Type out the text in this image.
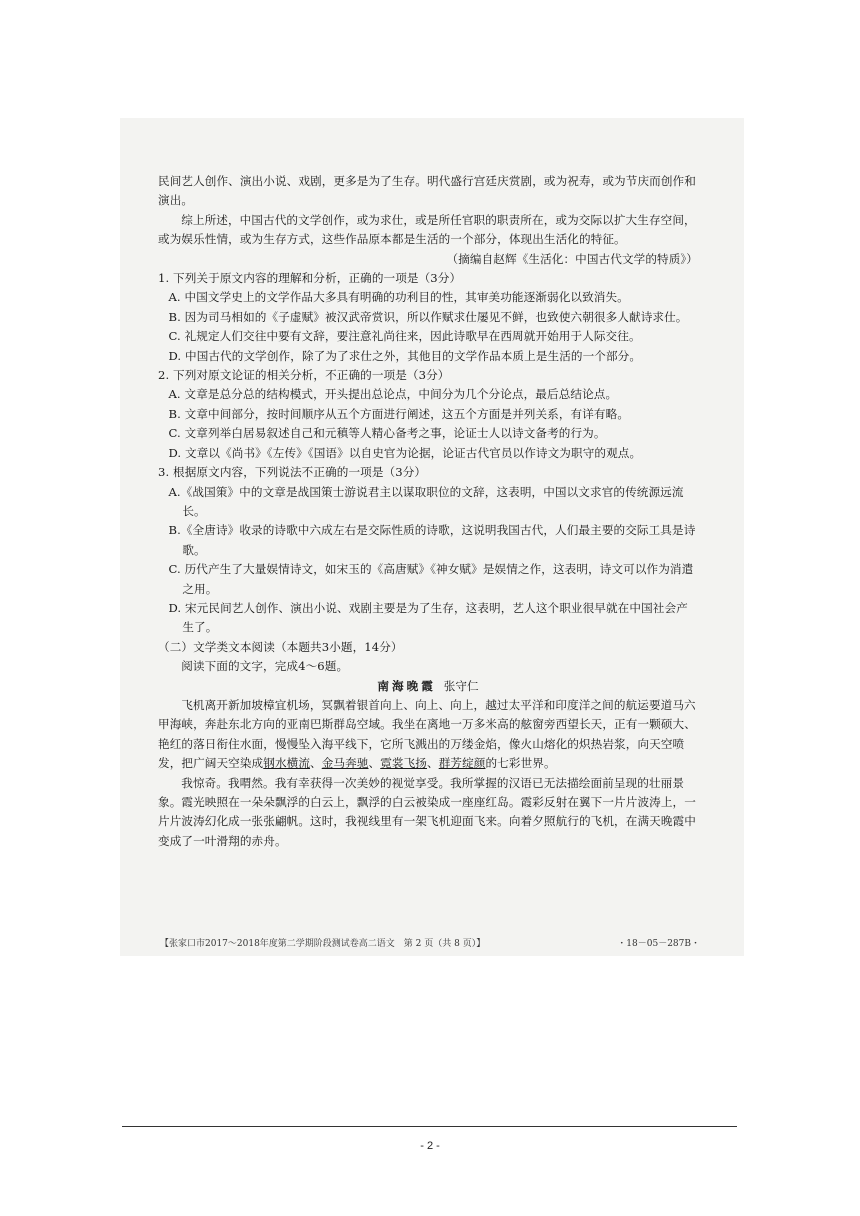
民间艺人创作、演出小说、戏剧，更多是为了生存。明代盛行宫廷庆赏剧，或为祝寿，或为节庆而创作和演出。

综上所述，中国古代的文学创作，或为求仕，或是所任官职的职责所在，或为交际以扩大生存空间，或为娱乐性情，或为生存方式，这些作品原本都是生活的一个部分，体现出生活化的特征。

（摘编自赵辉《生活化：中国古代文学的特质》）

1. 下列关于原文内容的理解和分析，正确的一项是（3分）

A. 中国文学史上的文学作品大多具有明确的功利目的性，其审美功能逐渐弱化以致消失。

B. 因为司马相如的《子虚赋》被汉武帝赏识，所以作赋求仕屡见不鲜，也致使六朝很多人献诗求仕。

C. 礼规定人们交往中要有文辞，要注意礼尚往来，因此诗歌早在西周就开始用于人际交往。

D. 中国古代的文学创作，除了为了求仕之外，其他目的文学作品本质上是生活的一个部分。

2. 下列对原文论证的相关分析，不正确的一项是（3分）

A. 文章是总分总的结构模式，开头提出总论点，中间分为几个分论点，最后总结论点。

B. 文章中间部分，按时间顺序从五个方面进行阐述，这五个方面是并列关系，有详有略。

C. 文章列举白居易叙述自己和元稹等人精心备考之事，论证士人以诗文备考的行为。

D. 文章以《尚书》《左传》《国语》以自史官为论据，论证古代官员以作诗文为职守的观点。

3. 根据原文内容，下列说法不正确的一项是（3分）

A.《战国策》中的文章是战国策士游说君主以谋取职位的文辞，这表明，中国以文求官的传统源远流长。

B.《全唐诗》收录的诗歌中六成左右是交际性质的诗歌，这说明我国古代，人们最主要的交际工具是诗歌。

C. 历代产生了大量娱情诗文，如宋玉的《高唐赋》《神女赋》是娱情之作，这表明，诗文可以作为消遣之用。

D. 宋元民间艺人创作、演出小说、戏剧主要是为了生存，这表明，艺人这个职业很早就在中国社会产生了。

（二）文学类文本阅读（本题共3小题，14分）

阅读下面的文字，完成4～6题。

南海晚霞 张守仁

飞机离开新加坡樟宜机场，冥飘着银首向上、向上、向上，越过太平洋和印度洋之间的航运要道马六甲海峡，奔赴东北方向的亚南巴斯群岛空域。我坐在离地一万多米高的舷窗旁西望长天，正有一颗硕大、艳红的落日衔住水面，慢慢坠入海平线下，它所飞溅出的万缕金焰，像火山熔化的炽热岩浆，向天空喷发，把广阔天空染成钢水横流、金马奔驰、霓裳飞扬、群芳绽颜的七彩世界。

我惊奇。我喟然。我有幸获得一次美妙的视觉享受。我所掌握的汉语已无法描绘面前呈现的壮丽景象。霞光映照在一朵朵飘浮的白云上，飘浮的白云被染成一座座红岛。霞彩反射在翼下一片片波涛上，一片片波涛幻化成一张张翩帆。这时，我视线里有一架飞机迎面飞来。向着夕照航行的飞机，在满天晚霞中变成了一叶滑翔的赤舟。

【张家口市2017～2018年度第二学期阶段测试卷高二语文　第 2 页（共 8 页）】	・18－05－287B・
- 2 -
